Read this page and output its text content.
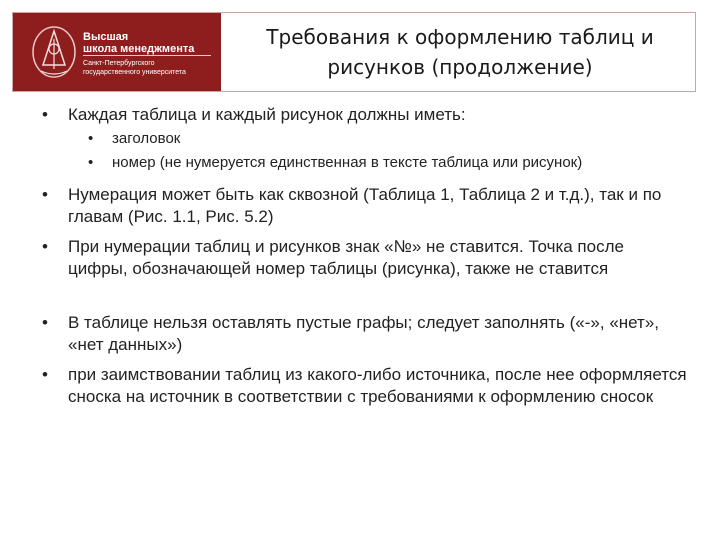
Высшая
школа менеджмента
Санкт-Петербургского
государственного университета
Требования к оформлению таблиц и рисунков (продолжение)
• Каждая таблица и каждый рисунок должны иметь:
• заголовок
• номер (не нумеруется единственная в тексте таблица или рисунок)
• Нумерация может быть как сквозной (Таблица 1, Таблица 2 и т.д.), так и по главам (Рис. 1.1, Рис. 5.2)
• При нумерации таблиц и рисунков знак «№» не ставится. Точка после цифры, обозначающей номер таблицы (рисунка), также не ставится
• В таблице нельзя оставлять пустые графы; следует заполнять («-», «нет», «нет данных»)
• при заимствовании таблиц из какого-либо источника, после нее оформляется сноска на источник в соответствии с требованиями к оформлению сносок
